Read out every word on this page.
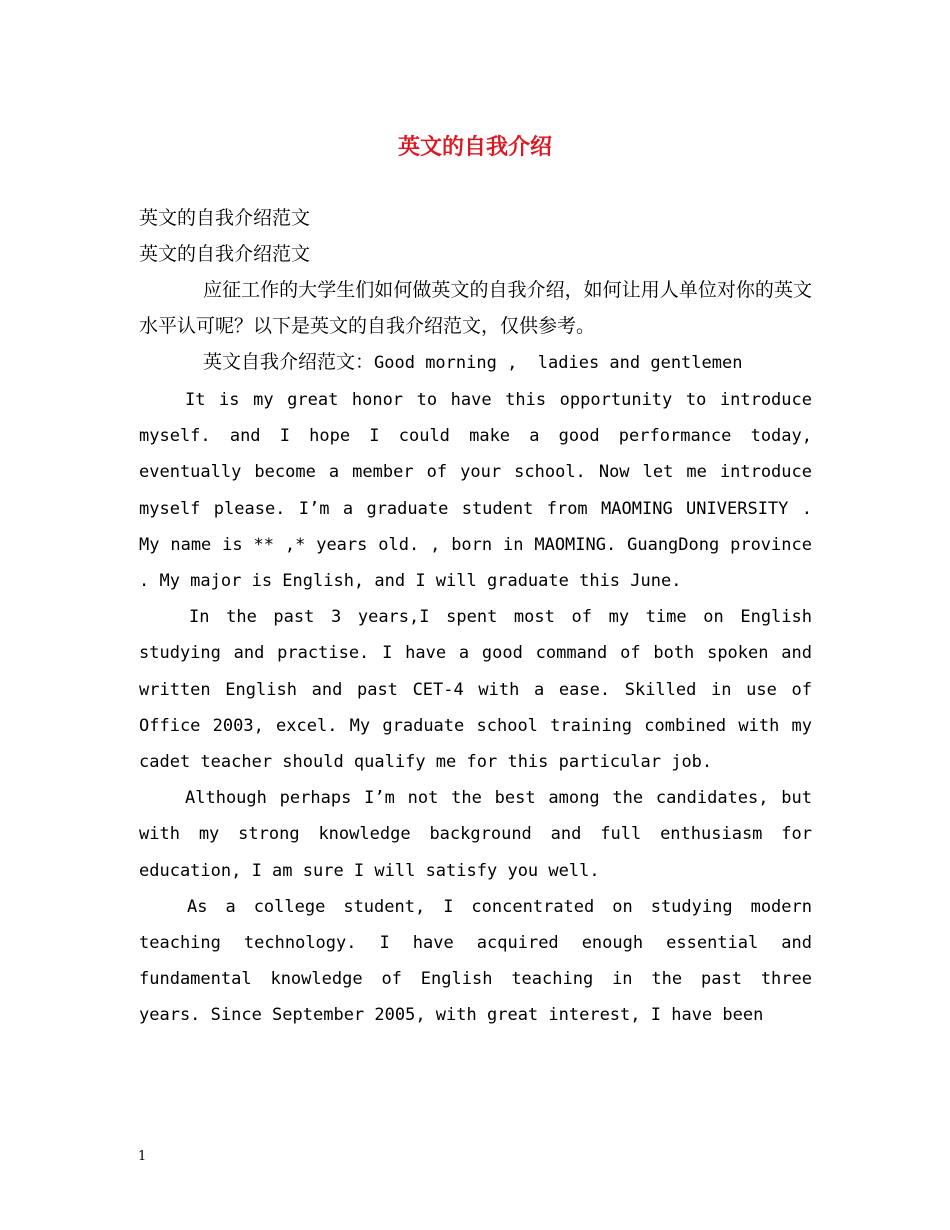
英文的自我介绍

英文的自我介绍范文

英文的自我介绍范文

应征工作的大学生们如何做英文的自我介绍，如何让用人单位对你的英文水平认可呢？以下是英文的自我介绍范文，仅供参考。

英文自我介绍范文：Good morning ,  ladies and gentlemen

It is my great honor to have this opportunity to introduce myself. and I hope I could make a good performance today, eventually become a member of your school. Now let me introduce myself please. I’m a graduate student from MAOMING UNIVERSITY . My name is ** ,* years old. , born in MAOMING. GuangDong province . My major is English, and I will graduate this June.

In the past 3 years,I spent most of my time on English studying and practise. I have a good command of both spoken and written English and past CET-4 with a ease. Skilled in use of Office 2003, excel. My graduate school training combined with my cadet teacher should qualify me for this particular job.

Although perhaps I’m not the best among the candidates, but with my strong knowledge background and full enthusiasm for education, I am sure I will satisfy you well.

As a college student, I concentrated on studying modern teaching technology. I have acquired enough essential and fundamental knowledge of English teaching in the past three years. Since September 2005, with great interest, I have been

1
